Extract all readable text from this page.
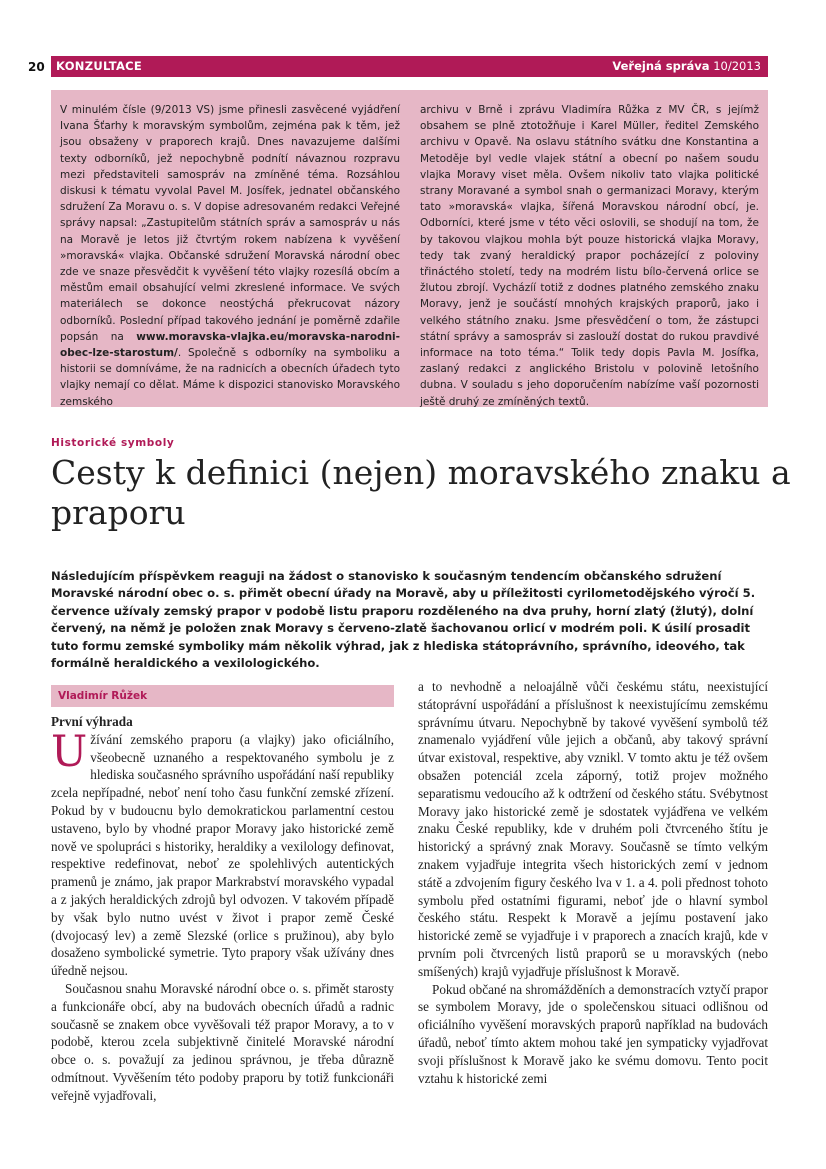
20 KONZULTACE	Veřejná správa 10/2013
V minulém čísle (9/2013 VS) jsme přinesli zasvěcené vyjádření Ivana Šťarhy k moravským symbolům, zejména pak k těm, jež jsou obsaženy v praporech krajů. Dnes navazujeme dalšími texty odborníků, jež nepochybně podnítí návaznou rozpravu mezi představiteli samospráv na zmíněné téma. Rozsáhlou diskusi k tématu vyvolal Pavel M. Josífek, jednatel občanského sdružení Za Moravu o. s. V dopise adresovaném redakci Veřejné správy napsal: „Zastupitelům státních správ a samospráv u nás na Moravě je letos již čtvrtým rokem nabízena k vyvěšení »moravská« vlajka. Občanské sdružení Moravská národní obec zde ve snaze přesvědčit k vyvěšení této vlajky rozesílá obcím a městům email obsahující velmi zkreslené informace. Ve svých materiálech se dokonce neostýchá překrucovat názory odborníků. Poslední případ takového jednání je poměrně zdařile popsán na www.moravska-vlajka.eu/moravska-narodni-obec-lze-starostum/. Společně s odborníky na symboliku a historii se domníváme, že na radnicích a obecních úřadech tyto vlajky nemají co dělat. Máme k dispozici stanovisko Moravského zemského
archivu v Brně i zprávu Vladimíra Růžka z MV ČR, s jejímž obsahem se plně ztotožňuje i Karel Müller, ředitel Zemského archivu v Opavě. Na oslavu státního svátku dne Konstantina a Metoděje byl vedle vlajek státní a obecní po našem soudu vlajka Moravy viset měla. Ovšem nikoliv tato vlajka politické strany Moravané a symbol snah o germanizaci Moravy, kterým tato »moravská« vlajka, šířená Moravskou národní obcí, je. Odborníci, které jsme v této věci oslovili, se shodují na tom, že by takovou vlajkou mohla být pouze historická vlajka Moravy, tedy tak zvaný heraldický prapor pocházející z poloviny třináctého století, tedy na modrém listu bílo-červená orlice se žlutou zbrojí. Vycházíí totiž z dodnes platného zemského znaku Moravy, jenž je součástí mnohých krajských praporů, jako i velkého státního znaku. Jsme přesvědčení o tom, že zástupci státní správy a samospráv si zaslouží dostat do rukou pravdivé informace na toto téma.“ Tolik tedy dopis Pavla M. Josífka, zaslaný redakci z anglického Bristolu v polovině letošního dubna. V souladu s jeho doporučením nabízíme vaší pozornosti ještě druhý ze zmíněných textů.
Historické symboly
Cesty k definici (nejen) moravského znaku a praporu

Následujícím příspěvkem reaguji na žádost o stanovisko k současným tendencím občanského sdružení Moravské národní obec o. s. přimět obecní úřady na Moravě, aby u příležitosti cyrilometodějského výročí 5. července užívaly zemský prapor v podobě listu praporu rozděleného na dva pruhy, horní zlatý (žlutý), dolní červený, na němž je položen znak Moravy s červeno-zlatě šachovanou orlicí v modrém poli. K úsilí prosadit tuto formu zemské symboliky mám několik výhrad, jak z hlediska státoprávního, správního, ideového, tak formálně heraldického a vexilologického.

Vladimír Růžek

První výhrada

Užívání zemského praporu (a vlajky) jako oficiálního, všeobecně uznaného a respektovaného symbolu je z hlediska současného správního uspořádání naší republiky zcela nepřípadné, neboť není toho času funkční zemské zřízení. Pokud by v budoucnu bylo demokratickou parlamentní cestou ustaveno, bylo by vhodné prapor Moravy jako historické země nově ve spolupráci s historiky, heraldiky a vexilology definovat, respektive redefinovat, neboť ze spolehlivých autentických pramenů je známo, jak prapor Markrabství moravského vypadal a z jakých heraldických zdrojů byl odvozen. V takovém případě by však bylo nutno uvést v život i prapor země České (dvojocasý lev) a země Slezské (orlice s pružinou), aby bylo dosaženo symbolické symetrie. Tyto prapory však užívány dnes úředně nejsou.

Současnou snahu Moravské národní obce o. s. přimět starosty a funkcionáře obcí, aby na budovách obecních úřadů a radnic současně se znakem obce vyvěšovali též prapor Moravy, a to v podobě, kterou zcela subjektivně činitelé Moravské národní obce o. s. považují za jedinou správnou, je třeba důrazně odmítnout. Vyvěšením této podoby praporu by totiž funkcionáři veřejně vyjadřovali,

a to nevhodně a neloajálně vůči českému státu, neexistující státoprávní uspořádání a příslušnost k neexistujícímu zemskému správnímu útvaru. Nepochybně by takové vyvěšení symbolů též znamenalo vyjádření vůle jejich a občanů, aby takový správní útvar existoval, respektive, aby vznikl. V tomto aktu je též ovšem obsažen potenciál zcela záporný, totiž projev možného separatismu vedoucího až k odtržení od českého státu. Svébytnost Moravy jako historické země je sdostatek vyjádřena ve velkém znaku České republiky, kde v druhém poli čtvrceného štítu je historický a správný znak Moravy. Současně se tímto velkým znakem vyjadřuje integrita všech historických zemí v jednom státě a zdvojením figury českého lva v 1. a 4. poli přednost tohoto symbolu před ostatními figurami, neboť jde o hlavní symbol českého státu. Respekt k Moravě a jejímu postavení jako historické země se vyjadřuje i v praporech a znacích krajů, kde v prvním poli čtvrcených listů praporů se u moravských (nebo smíšených) krajů vyjadřuje příslušnost k Moravě.

Pokud občané na shromážděních a demonstracích vztyčí prapor se symbolem Moravy, jde o společenskou situaci odlišnou od oficiálního vyvěšení moravských praporů například na budovách úřadů, neboť tímto aktem mohou také jen sympaticky vyjadřovat svoji příslušnost k Moravě jako ke svému domovu. Tento pocit vztahu k historické zemi
